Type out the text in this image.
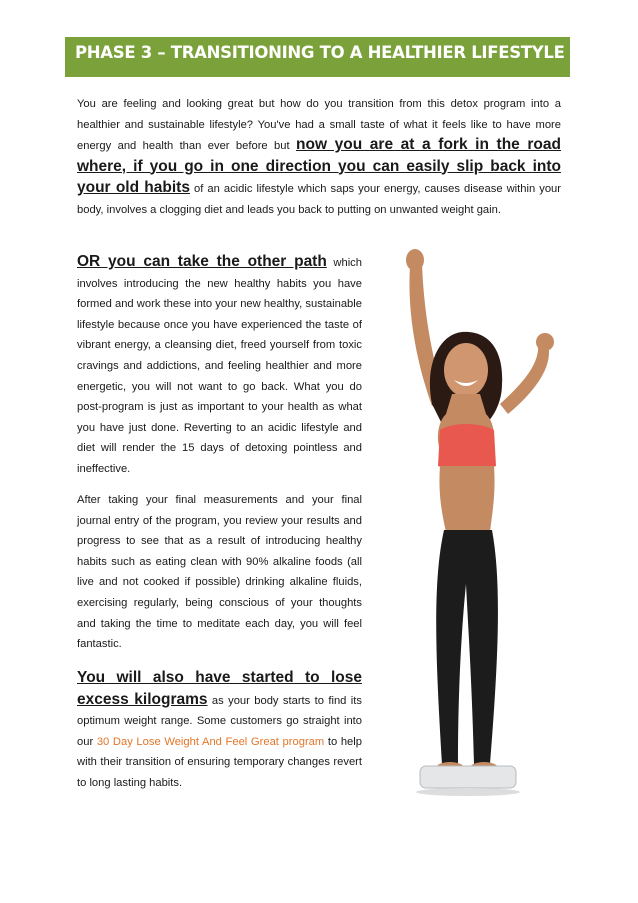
PHASE 3 – TRANSITIONING TO A HEALTHIER LIFESTYLE

You are feeling and looking great but how do you transition from this detox program into a healthier and sustainable lifestyle? You've had a small taste of what it feels like to have more energy and health than ever before but now you are at a fork in the road where, if you go in one direction you can easily slip back into your old habits of an acidic lifestyle which saps your energy, causes disease within your body, involves a clogging diet and leads you back to putting on unwanted weight gain.

OR you can take the other path which involves introducing the new healthy habits you have formed and work these into your new healthy, sustainable lifestyle because once you have experienced the taste of vibrant energy, a cleansing diet, freed yourself from toxic cravings and addictions, and feeling healthier and more energetic, you will not want to go back. What you do post-program is just as important to your health as what you have just done. Reverting to an acidic lifestyle and diet will render the 15 days of detoxing pointless and ineffective.

After taking your final measurements and your final journal entry of the program, you review your results and progress to see that as a result of introducing healthy habits such as eating clean with 90% alkaline foods (all live and not cooked if possible) drinking alkaline fluids, exercising regularly, being conscious of your thoughts and taking the time to meditate each day, you will feel fantastic.

You will also have started to lose excess kilograms as your body starts to find its optimum weight range. Some customers go straight into our 30 Day Lose Weight And Feel Great program to help with their transition of ensuring temporary changes revert to long lasting habits.
